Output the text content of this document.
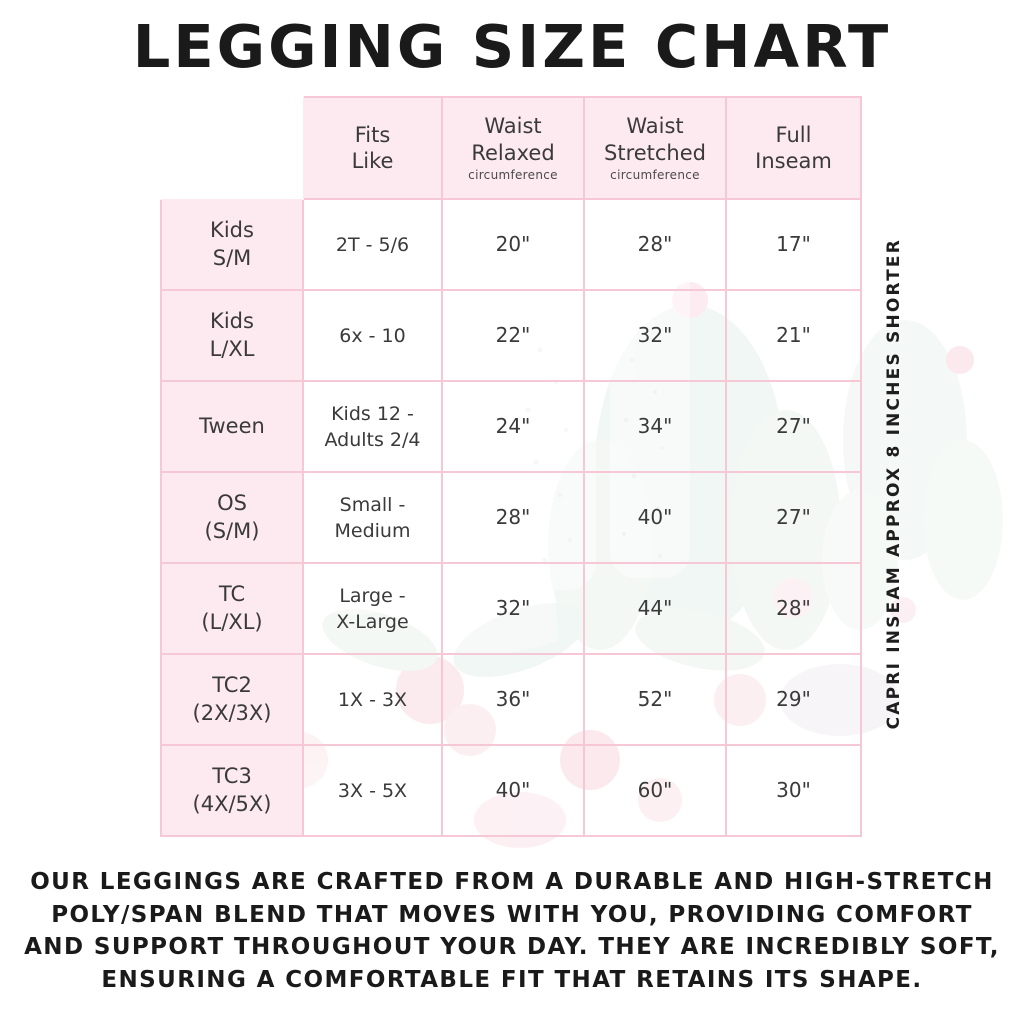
LEGGING SIZE CHART
	Fits
Like	Waist
Relaxed
circumference	Waist
Stretched
circumference	Full
Inseam
Kids
S/M	2T - 5/6	20"	28"	17"
Kids
L/XL	6x - 10	22"	32"	21"
Tween	Kids 12 -
Adults 2/4	24"	34"	27"
OS
(S/M)	Small -
Medium	28"	40"	27"
TC
(L/XL)	Large -
X-Large	32"	44"	28"
TC2
(2X/3X)	1X - 3X	36"	52"	29"
TC3
(4X/5X)	3X - 5X	40"	60"	30"
CAPRI INSEAM APPROX 8 INCHES SHORTER

OUR LEGGINGS ARE CRAFTED FROM A DURABLE AND HIGH-STRETCH

POLY/SPAN BLEND THAT MOVES WITH YOU, PROVIDING COMFORT

AND SUPPORT THROUGHOUT YOUR DAY. THEY ARE INCREDIBLY SOFT,

ENSURING A COMFORTABLE FIT THAT RETAINS ITS SHAPE.
